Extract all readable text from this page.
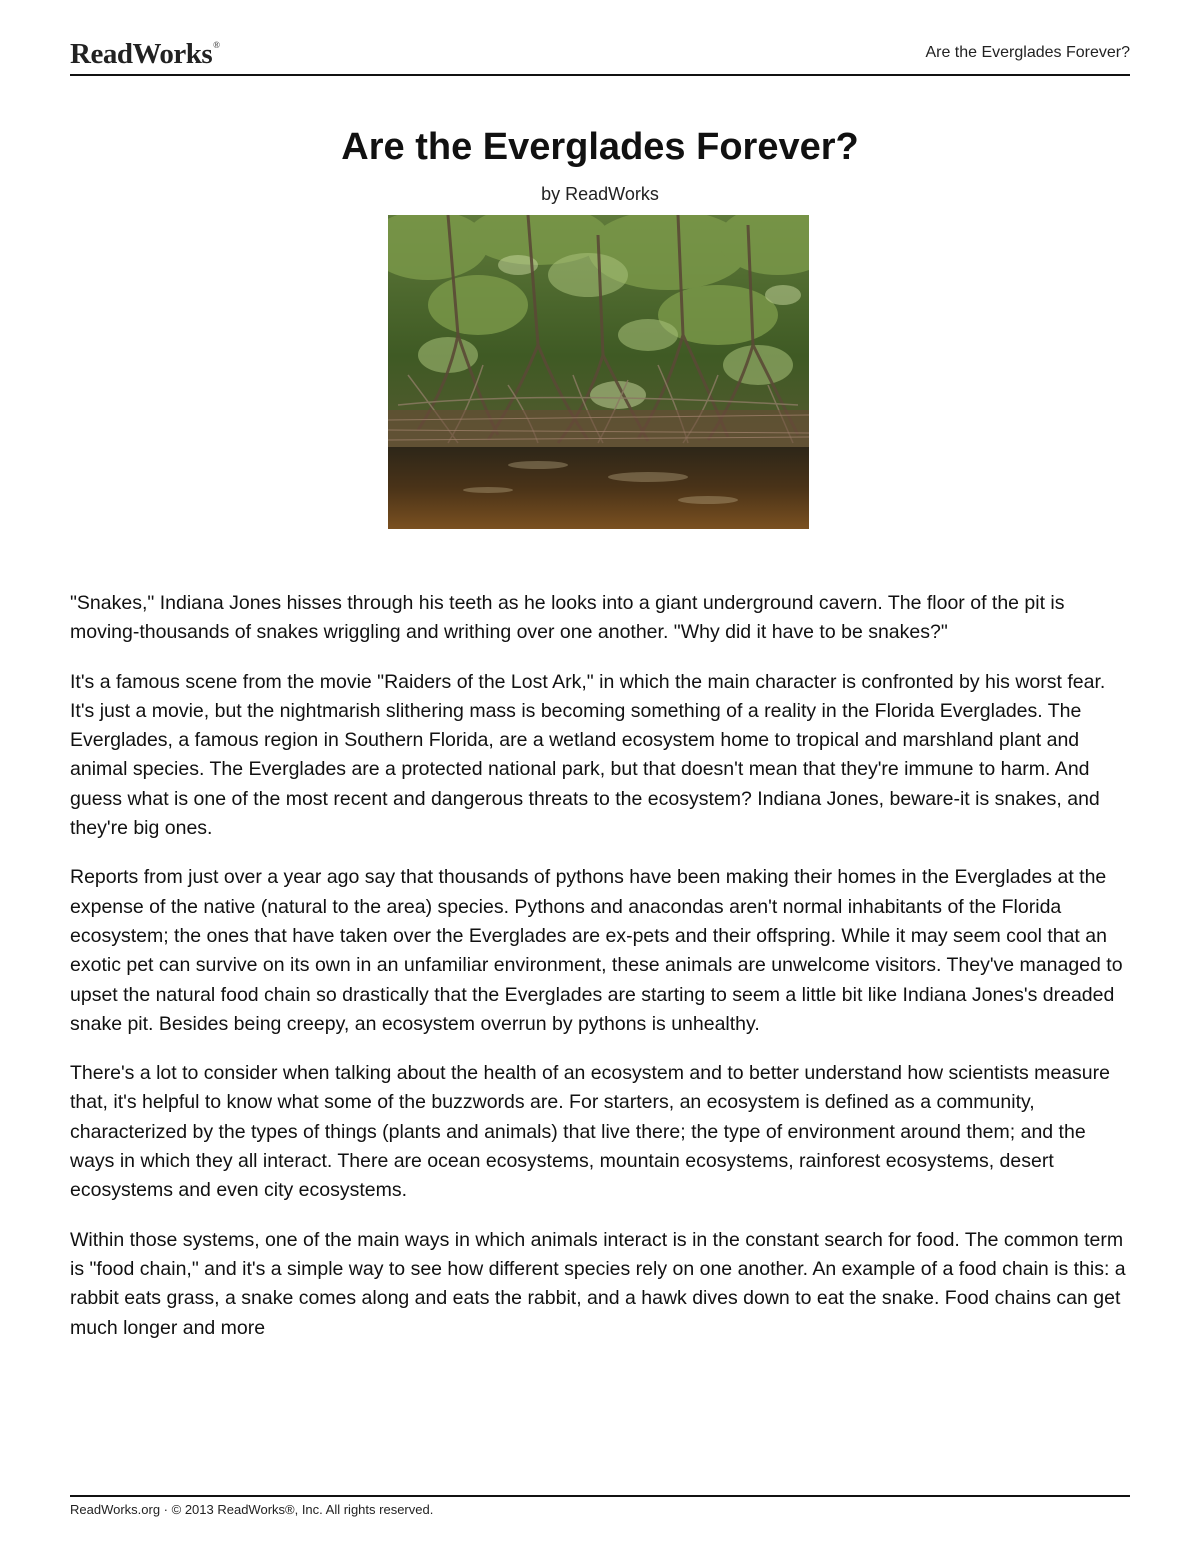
ReadWorks®	Are the Everglades Forever?
Are the Everglades Forever?
by ReadWorks

"Snakes," Indiana Jones hisses through his teeth as he looks into a giant underground cavern. The floor of the pit is moving-thousands of snakes wriggling and writhing over one another. "Why did it have to be snakes?"

It's a famous scene from the movie "Raiders of the Lost Ark," in which the main character is confronted by his worst fear. It's just a movie, but the nightmarish slithering mass is becoming something of a reality in the Florida Everglades. The Everglades, a famous region in Southern Florida, are a wetland ecosystem home to tropical and marshland plant and animal species. The Everglades are a protected national park, but that doesn't mean that they're immune to harm. And guess what is one of the most recent and dangerous threats to the ecosystem? Indiana Jones, beware-it is snakes, and they're big ones.

Reports from just over a year ago say that thousands of pythons have been making their homes in the Everglades at the expense of the native (natural to the area) species. Pythons and anacondas aren't normal inhabitants of the Florida ecosystem; the ones that have taken over the Everglades are ex-pets and their offspring. While it may seem cool that an exotic pet can survive on its own in an unfamiliar environment, these animals are unwelcome visitors. They've managed to upset the natural food chain so drastically that the Everglades are starting to seem a little bit like Indiana Jones's dreaded snake pit. Besides being creepy, an ecosystem overrun by pythons is unhealthy.

There's a lot to consider when talking about the health of an ecosystem and to better understand how scientists measure that, it's helpful to know what some of the buzzwords are. For starters, an ecosystem is defined as a community, characterized by the types of things (plants and animals) that live there; the type of environment around them; and the ways in which they all interact. There are ocean ecosystems, mountain ecosystems, rainforest ecosystems, desert ecosystems and even city ecosystems.

Within those systems, one of the main ways in which animals interact is in the constant search for food. The common term is "food chain," and it's a simple way to see how different species rely on one another. An example of a food chain is this: a rabbit eats grass, a snake comes along and eats the rabbit, and a hawk dives down to eat the snake. Food chains can get much longer and more

ReadWorks.org · © 2013 ReadWorks®, Inc. All rights reserved.
